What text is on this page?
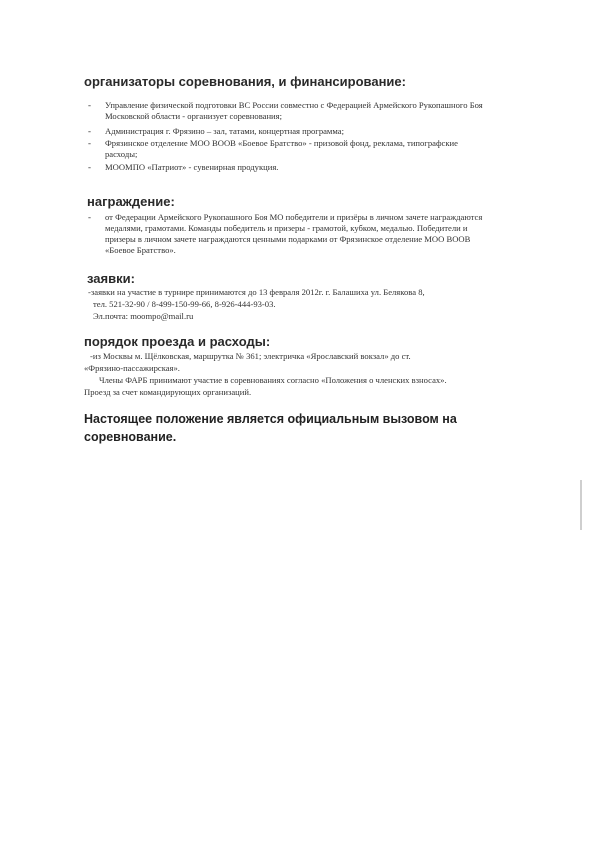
организаторы соревнования, и финансирование:
- Управление физической подготовки ВС России совместно с Федерацией Армейского Рукопашного Боя Московской области - организует соревнования;

- Администрация г. Фрязино – зал, татами, концертная программа;

- Фрязинское отделение МОО ВООВ «Боевое Братство» - призовой фонд, реклама, типографские расходы;

- МООМПО «Патриот» - сувенирная продукция.

награждение:
- от Федерации Армейского Рукопашного Боя МО победители и призёры в личном зачете награждаются медалями, грамотами. Команды победитель и призеры - грамотой, кубком, медалью. Победители и призеры в личном зачете награждаются ценными подарками от Фрязинское отделение МОО ВООВ «Боевое Братство».

заявки:

-заявки на участие в турнире принимаются до 13 февраля 2012г. г. Балашиха ул. Белякова 8,

тел. 521-32-90 / 8-499-150-99-66, 8-926-444-93-03.

Эл.почта: moompo@mail.ru

порядок проезда и расходы:

-из Москвы м. Щёлковская, маршрутка № 361; электричка «Ярославский вокзал» до ст.

«Фрязино-пассажирская».

Члены ФАРБ принимают участие в соревнованиях согласно «Положения о членских взносах».

Проезд за счет командирующих организаций.

Настоящее положение является официальным вызовом на соревнование.
